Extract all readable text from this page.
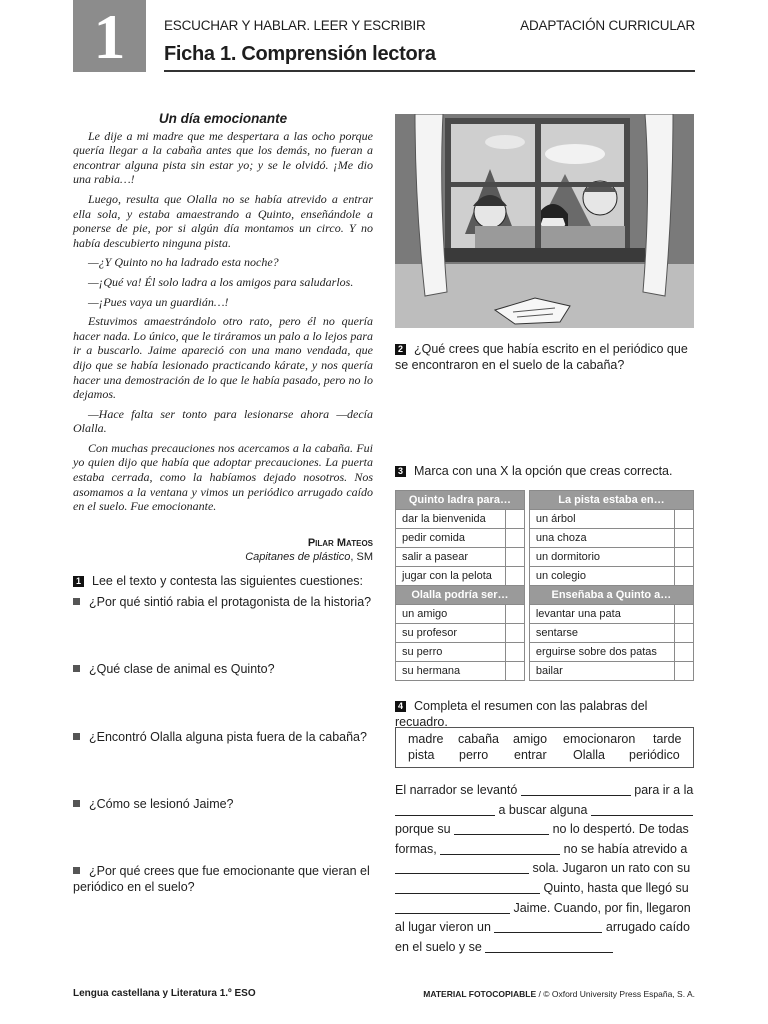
1	ESCUCHAR Y HABLAR. LEER Y ESCRIBIR	ADAPTACIÓN CURRICULAR
Ficha 1. Comprensión lectora
Un día emocionante

Le dije a mi madre que me despertara a las ocho porque quería llegar a la cabaña antes que los demás, no fueran a encontrar alguna pista sin estar yo; y se le olvidó. ¡Me dio una rabia…!

Luego, resulta que Olalla no se había atrevido a entrar ella sola, y estaba amaestrando a Quinto, enseñándole a ponerse de pie, por si algún día montamos un circo. Y no había descubierto ninguna pista.

—¿Y Quinto no ha ladrado esta noche?

—¡Qué va! Él solo ladra a los amigos para saludarlos.

—¡Pues vaya un guardián…!

Estuvimos amaestrándolo otro rato, pero él no quería hacer nada. Lo único, que le tiráramos un palo a lo lejos para ir a buscarlo. Jaime apareció con una mano vendada, que dijo que se había lesionado practicando kárate, y nos quería hacer una demostración de lo que le había pasado, pero no lo dejamos.

—Hace falta ser tonto para lesionarse ahora —decía Olalla.

Con muchas precauciones nos acercamos a la cabaña. Fui yo quien dijo que había que adoptar precauciones. La puerta estaba cerrada, como la habíamos dejado nosotros. Nos asomamos a la ventana y vimos un periódico arrugado caído en el suelo. Fue emocionante.

Pilar Mateos
Capitanes de plástico, SM
1 Lee el texto y contesta las siguientes cuestiones:
¿Por qué sintió rabia el protagonista de la historia?
¿Qué clase de animal es Quinto?
¿Encontró Olalla alguna pista fuera de la cabaña?
¿Cómo se lesionó Jaime?
¿Por qué crees que fue emocionante que vieran el periódico en el suelo?
2 ¿Qué crees que había escrito en el periódico que se encontraron en el suelo de la cabaña?
3 Marca con una X la opción que creas correcta.
Quinto ladra para…			La pista estaba en…	
dar la bienvenida			un árbol	
pedir comida			una choza	
salir a pasear			un dormitorio	
jugar con la pelota			un colegio	
Olalla podría ser…			Enseñaba a Quinto a…	
un amigo			levantar una pata	
su profesor			sentarse	
su perro			erguirse sobre dos patas	
su hermana			bailar	
4 Completa el resumen con las palabras del recuadro.
madre cabaña amigo emocionaron tarde
pista perro entrar Olalla periódico
El narrador se levantó	para ir a la
a buscar alguna
porque su	no lo despertó. De todas
formas,	no se había atrevido a
sola. Jugaron un rato con su
Quinto, hasta que llegó su
Jaime. Cuando, por fin, llegaron
al lugar vieron un	arrugado caído
en el suelo y se
Lengua castellana y Literatura 1.º ESO	MATERIAL FOTOCOPIABLE / © Oxford University Press España, S. A.
